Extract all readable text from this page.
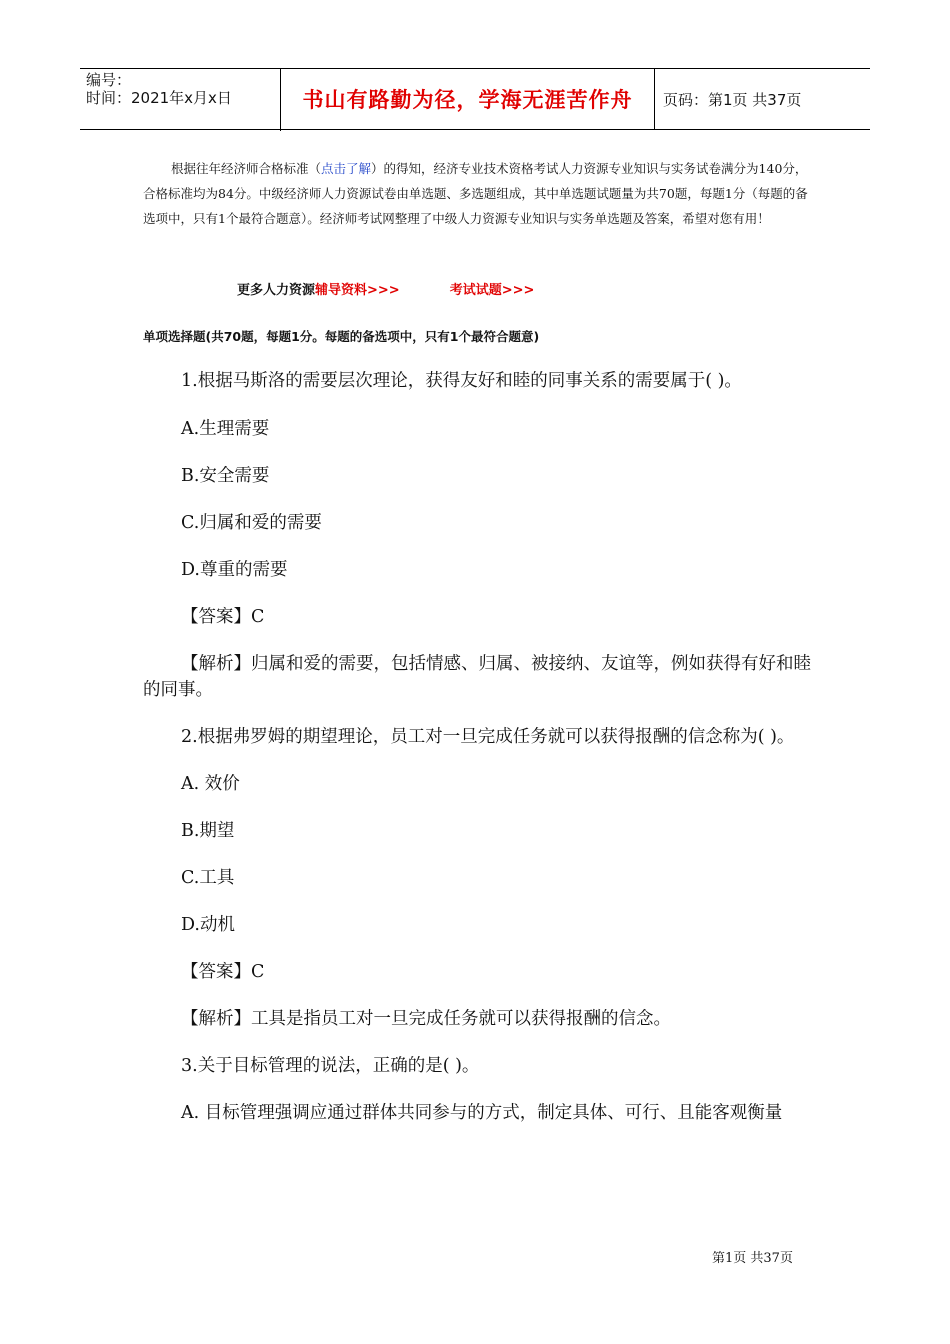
编号：
时间：2021年x月x日	书山有路勤为径，学海无涯苦作舟	页码：第1页 共37页

根据往年经济师合格标准（点击了解）的得知，经济专业技术资格考试人力资源专业知识与实务试卷满分为140分，合格标准均为84分。中级经济师人力资源试卷由单选题、多选题组成，其中单选题试题量为共70题，每题1分（每题的备选项中，只有1个最符合题意）。经济师考试网整理了中级人力资源专业知识与实务单选题及答案，希望对您有用！

更多人力资源辅导资料>>>	考试试题>>>
单项选择题(共70题，每题1分。每题的备选项中，只有1个最符合题意)

1.根据马斯洛的需要层次理论，获得友好和睦的同事关系的需要属于( )。

A.生理需要

B.安全需要

C.归属和爱的需要

D.尊重的需要

【答案】C

【解析】归属和爱的需要，包括情感、归属、被接纳、友谊等，例如获得有好和睦的同事。

2.根据弗罗姆的期望理论，员工对一旦完成任务就可以获得报酬的信念称为( )。

A. 效价

B.期望

C.工具

D.动机

【答案】C

【解析】工具是指员工对一旦完成任务就可以获得报酬的信念。

3.关于目标管理的说法，正确的是( )。

A. 目标管理强调应通过群体共同参与的方式，制定具体、可行、且能客观衡量

第1页 共37页
